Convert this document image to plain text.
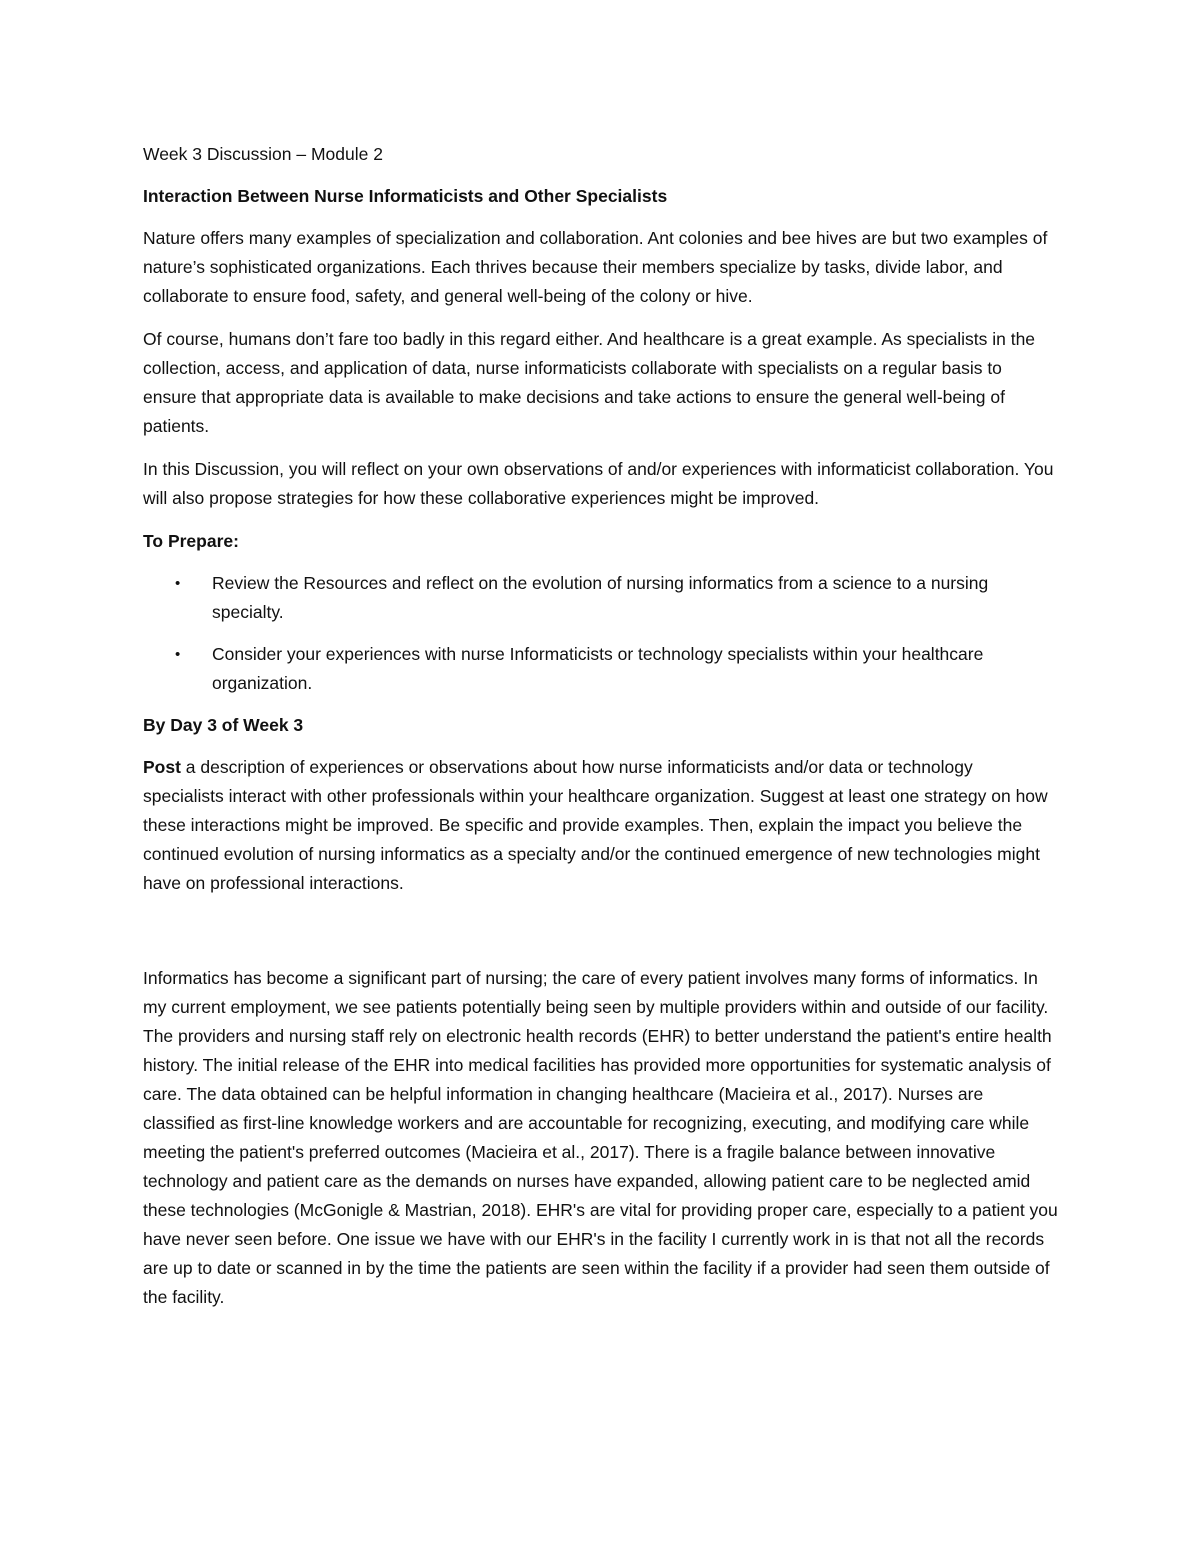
Week 3 Discussion – Module 2

Interaction Between Nurse Informaticists and Other Specialists

Nature offers many examples of specialization and collaboration. Ant colonies and bee hives are but two examples of nature’s sophisticated organizations. Each thrives because their members specialize by tasks, divide labor, and collaborate to ensure food, safety, and general well-being of the colony or hive.

Of course, humans don’t fare too badly in this regard either. And healthcare is a great example. As specialists in the collection, access, and application of data, nurse informaticists collaborate with specialists on a regular basis to ensure that appropriate data is available to make decisions and take actions to ensure the general well-being of patients.

In this Discussion, you will reflect on your own observations of and/or experiences with informaticist collaboration. You will also propose strategies for how these collaborative experiences might be improved.

To Prepare:

• Review the Resources and reflect on the evolution of nursing informatics from a science to a nursing specialty.
• Consider your experiences with nurse Informaticists or technology specialists within your healthcare organization.

By Day 3 of Week 3

Post a description of experiences or observations about how nurse informaticists and/or data or technology specialists interact with other professionals within your healthcare organization. Suggest at least one strategy on how these interactions might be improved. Be specific and provide examples. Then, explain the impact you believe the continued evolution of nursing informatics as a specialty and/or the continued emergence of new technologies might have on professional interactions.

Informatics has become a significant part of nursing; the care of every patient involves many forms of informatics. In my current employment, we see patients potentially being seen by multiple providers within and outside of our facility. The providers and nursing staff rely on electronic health records (EHR) to better understand the patient's entire health history. The initial release of the EHR into medical facilities has provided more opportunities for systematic analysis of care. The data obtained can be helpful information in changing healthcare (Macieira et al., 2017). Nurses are classified as first-line knowledge workers and are accountable for recognizing, executing, and modifying care while meeting the patient's preferred outcomes (Macieira et al., 2017). There is a fragile balance between innovative technology and patient care as the demands on nurses have expanded, allowing patient care to be neglected amid these technologies (McGonigle & Mastrian, 2018). EHR's are vital for providing proper care, especially to a patient you have never seen before. One issue we have with our EHR's in the facility I currently work in is that not all the records are up to date or scanned in by the time the patients are seen within the facility if a provider had seen them outside of the facility.
